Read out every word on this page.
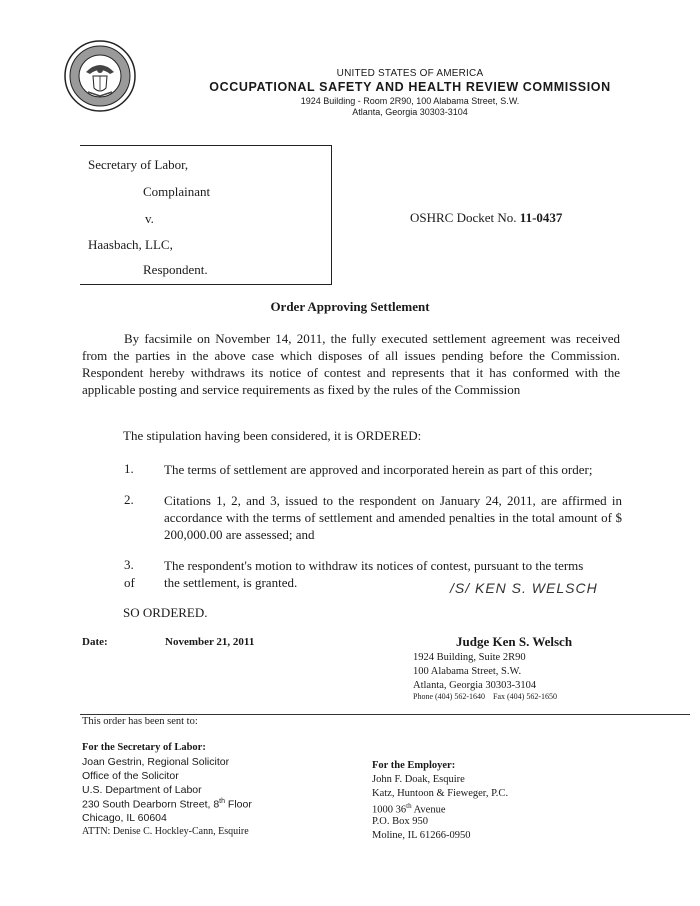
UNITED STATES OF AMERICA
OCCUPATIONAL SAFETY AND HEALTH REVIEW COMMISSION
1924 Building - Room 2R90, 100 Alabama Street, S.W.
Atlanta, Georgia 30303-3104
Secretary of Labor,
Complainant
v.
Haasbach, LLC,
Respondent.
OSHRC Docket No. 11-0437
Order Approving Settlement
By facsimile on November 14, 2011, the fully executed settlement agreement was received from the parties in the above case which disposes of all issues pending before the Commission. Respondent hereby withdraws its notice of contest and represents that it has conformed with the applicable posting and service requirements as fixed by the rules of the Commission
The stipulation having been considered, it is ORDERED:
1. The terms of settlement are approved and incorporated herein as part of this order;
2. Citations 1, 2, and 3, issued to the respondent on January 24, 2011, are affirmed in accordance with the terms of settlement and amended penalties in the total amount of $ 200,000.00 are assessed; and
3. The respondent's motion to withdraw its notices of contest, pursuant to the terms
the settlement, is granted.
of	/S/ KEN S. WELSCH
SO ORDERED.
Date:	November 21, 2011	Judge Ken S. Welsch
1924 Building, Suite 2R90
100 Alabama Street, S.W.
Atlanta, Georgia 30303-3104
Phone (404) 562-1640    Fax (404) 562-1650
This order has been sent to:
For the Secretary of Labor:
Joan Gestrin, Regional Solicitor
Office of the Solicitor
U.S. Department of Labor
230 South Dearborn Street, 8th Floor
Chicago, IL 60604
ATTN: Denise C. Hockley-Cann, Esquire
For the Employer:
John F. Doak, Esquire
Katz, Huntoon & Fieweger, P.C.
1000 36th Avenue
P.O. Box 950
Moline, IL 61266-0950
